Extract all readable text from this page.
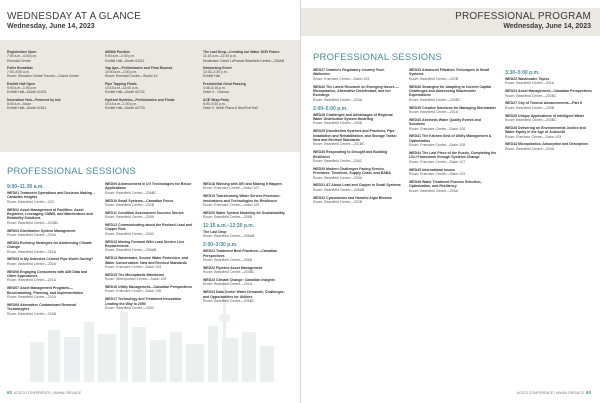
WEDNESDAY AT A GLANCE
Wednesday, June 14, 2023
Registration Open
7:30 a.m.–4:00 p.m.
Emerald Centre
Fuller Breakfast
7:00–9:00 a.m.
Room: Sheraton Centre Toronto—Grand Centre
Exhibit Hall Open
9:00 a.m.–1:00 p.m.
Exhibit Hall—Booth #1001
Innovation Hub—Powered by Isle
8:00 a.m.–Noon
Exhibit Hall—Booth #1511
AWWA Pavilion
9:00 a.m.–1:00 p.m.
Exhibit Hall—Booth #2011
Yap Ape—Preliminaries and Final Rounds
10:00 a.m.–2:30 p.m.
Room: Emerald Centre—Studio Ev
Pipe Tapping Finals
10:15 a.m.–11:00 a.m.
Exhibit Hall—Booth #3732
Hydrant Hysteria—Preliminaries and Finals
10:15 a.m.–1:00 p.m.
Exhibit Hall—Booth #3733
The Last Drop—Creating our Water 2030 Future
11:15 a.m.–12:30 p.m.
Moderator: David LaFrance Beanfield Centre—206AB
Networking Event
12:30–2:30 p.m.
Exhibit Hall
Presidential Geral Passing
4:45–6:15 p.m.
Hotel X - Cinema
ACE Wrap Party
6:00–9:30 p.m.
Hotel X: North Plaza & NewPort Hall
PROFESSIONAL SESSIONS
9:00–11:30 a.m.
WED01 Treatment Operations and Decision Making – Canadian Insights
Room: Beanfield Centre—203
WED02 Asset Management at Facilities: Asset Registers, Leveraging CMMS, and Maintenance and Reliability Solutions
Room: Beanfield Centre—203BC
WED03 Distribution System Management
Room: Beanfield Centre—204A
WED04 Evolving Strategies for Addressing Climate Change
Room: Beanfield Centre—201A
WED05 Is My Asbestos Cement Pipe Worth Saving?
Room: Beanfield Centre—202A
WED06 Engaging Consumers with AMI Data and Other Approaches
Room: Beanfield Centre—201A
WED07 Asset Management Programs—Benchmarking, Planning, and Implementation
Room: Beanfield Centre—201A
WED08 Alternative Contaminant Removal Technologies
Room: Beanfield Centre—205B
WED09 Advancement in UV Technologies for Reuse Applications
Room: Beanfield Centre—206BC
WED10 Small Systems—Canadian Focus
Room: Beanfield Centre—202B
WED11 Condition Assessment Success Stories
Room: Beanfield Centre—205A
WED12 Communicating about the Revised Lead and Copper Rule
Room: Beanfield Centre—205C
WED13 Moving Forward With Lead Service Line Replacements
Room: Beanfield Centre—206AB
WED14 Wastewater, Source Water Protection, and Water Conservation: New and Revised Standards
Room: Enercare Centre—Salon 103
WED15 The Microplastic Maelstrom
Room: Metropolitan Centre—Salon 105
WED16 Utility Management—Canadian Perspectives
Room: Enercare Centre—Salon 108
WED17 Technology and Treatment Innovation Leading the Way to 2050
Room: Beanfield Centre—206C
WED18 Winning with DEI and Making It Happen
Room: Enercare Centre—Salon 107
WED19 Transforming Water Service Provision: Innovations and Technologies for Resilience
Room: Enercare Centre—Salon 109
WED20 Water System Modeling for Sustainability
Room: Beanfield Centre—206B
11:15 a.m.–12:30 p.m.
The Last Drop
Room: Beanfield Centre—206AB
2:00–3:30 p.m.
WED21 Treatment Best Practices—Canadian Perspectives
Room: Beanfield Centre—206A
WED22 Pipeline Asset Management
Room: Beanfield Centre—203BC
WED23 Climate Change: Canadian Insights
Room: Beanfield Centre—201A
WED24 Data Center Water Demands, Challenges, and Opportunities for Utilities
Room: Beanfield Centre—205BC
62 ACE23 CONFERENCE | AWWA.ORG/ACE
PROFESSIONAL PROGRAM
Wednesday, June 14, 2023
PROFESSIONAL SESSIONS
WED27 Ontario's Regulatory Journey Post-Walkerton
Room: Enercare Centre—Salon 103
WED42 The Latest Research on Emerging Issues — Microplastics, Alternative Disinfectant, and Ion Exchange
Room: Beanfield Centre—204A
2:00–5:00 p.m.
WED28 Challenges and Advantages of Regional Water Distribution System Modeling
Room: Beanfield Centre—206D
WED29 Disinfection Systems and Practices, Pipe Installation and Rehabilitation, and Storage Tanks: New and Revised Standards
Room: Beanfield Centre—201BC
WED30 Responding to Drought and Building Resilience
Room: Beanfield Centre—206C
WED30 Modern Challenges Facing Service Providers: Timelines, Supply Chain, and BABA
Room: Beanfield Centre—203A
WED31 AT About Lead and Copper in Small Systems
Room: Beanfield Centre—206AB
WED32 Cyanotoxins and Harmful Algal Blooms
Room: Beanfield Centre—202B
WED33 Advanced Filtration Techniques in Small Systems
Room: Beanfield Centre—202B
WED36 Strategies for Adapting to Current Capital Challenges and Addressing Stakeholder Expectations
Room: Beanfield Centre—204BC
WED39 Creative Solutions for Managing Stormwater
Room: Beanfield Centre—201A
WED40 Aesthetic Water Quality Events and Solutions
Room: Enercare Centre—Salon 105
WED41 The Kitchen Sink of Utility Management & Optimization
Room: Enercare Centre—Salon 108
WED44 The Last Piece of the Puzzle, Completing the LSLI Framework through Systems Change
Room: Enercare Centre—Salon 107
WED45 International Issues
Room: Enercare Centre—Salon 103
WED46 Water Treatment Process Selection, Optimization, and Resiliency
Room: Beanfield Centre—205A
3:30–5:00 p.m.
WED22 Wastewater Topics
Room: Beanfield Centre—201A
WED24 Asset Management—Canadian Perspectives
Room: Beanfield Centre—203BC
WED27 City of Toronto Advancements—Part II
Room: Beanfield Centre—206B
WED25 Unique Applications of Intelligent Water
Room: Beanfield Centre—203BC
WED26 Delivering on Environmental Justice and Water Equity in the Age of Justice40
Room: Enercare Centre—Salon 103
WED43 Microplastics: Adsorption and Desorption
Room: Beanfield Centre—204A
ACE23 CONFERENCE | AWWA.ORG/ACE 63
